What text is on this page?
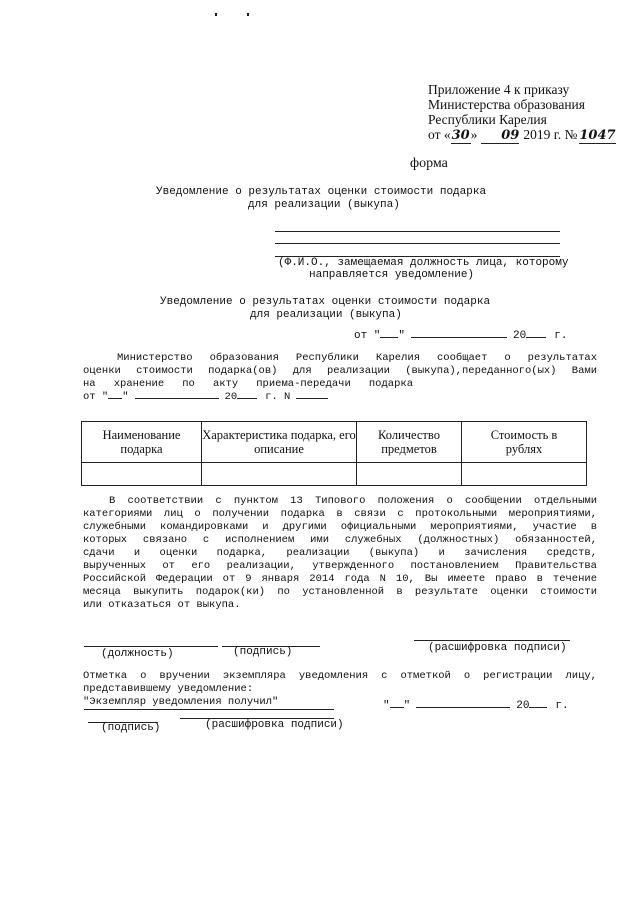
Приложение 4 к приказу
Министерства образования
Республики Карелия
от «30» 09 2019 г. № 1047
форма
Уведомление о результатах оценки стоимости подарка
для реализации (выкупа)
(Ф.И.О., замещаемая должность лица, которому
направляется уведомление)
Уведомление о результатах оценки стоимости подарка
для реализации (выкупа)
от " "	20	г.
Министерство образования Республики Карелия сообщает о результатах
оценки стоимости подарка(ов) для реализации (выкупа),переданного(ых) Вами
на хранение по акту приема-передачи подарка
от " "	20	г. N
Наименование подарка	Характеристика подарка, его описание	Количество предметов	Стоимость в рублях

В соответствии с пунктом 13 Типового положения о сообщении отдельными
категориями лиц о получении подарка в связи с протокольными мероприятиями,
служебными командировками и другими официальными мероприятиями, участие в
которых связано с исполнением ими служебных (должностных) обязанностей,
сдачи и оценки подарка, реализации (выкупа) и зачисления средств,
вырученных от его реализации, утвержденного постановлением Правительства
Российской Федерации от 9 января 2014 года N 10, Вы имеете право в течение
месяца выкупить подарок(ки) по установленной в результате оценки стоимости
или отказаться от выкупа.
(должность)	(подпись)	(расшифровка подписи)
Отметка о вручении экземпляра уведомления с отметкой о регистрации лицу,
представившему уведомление:
"Экземпляр уведомления получил"	" "	20 г.
(подпись)	(расшифровка подписи)
